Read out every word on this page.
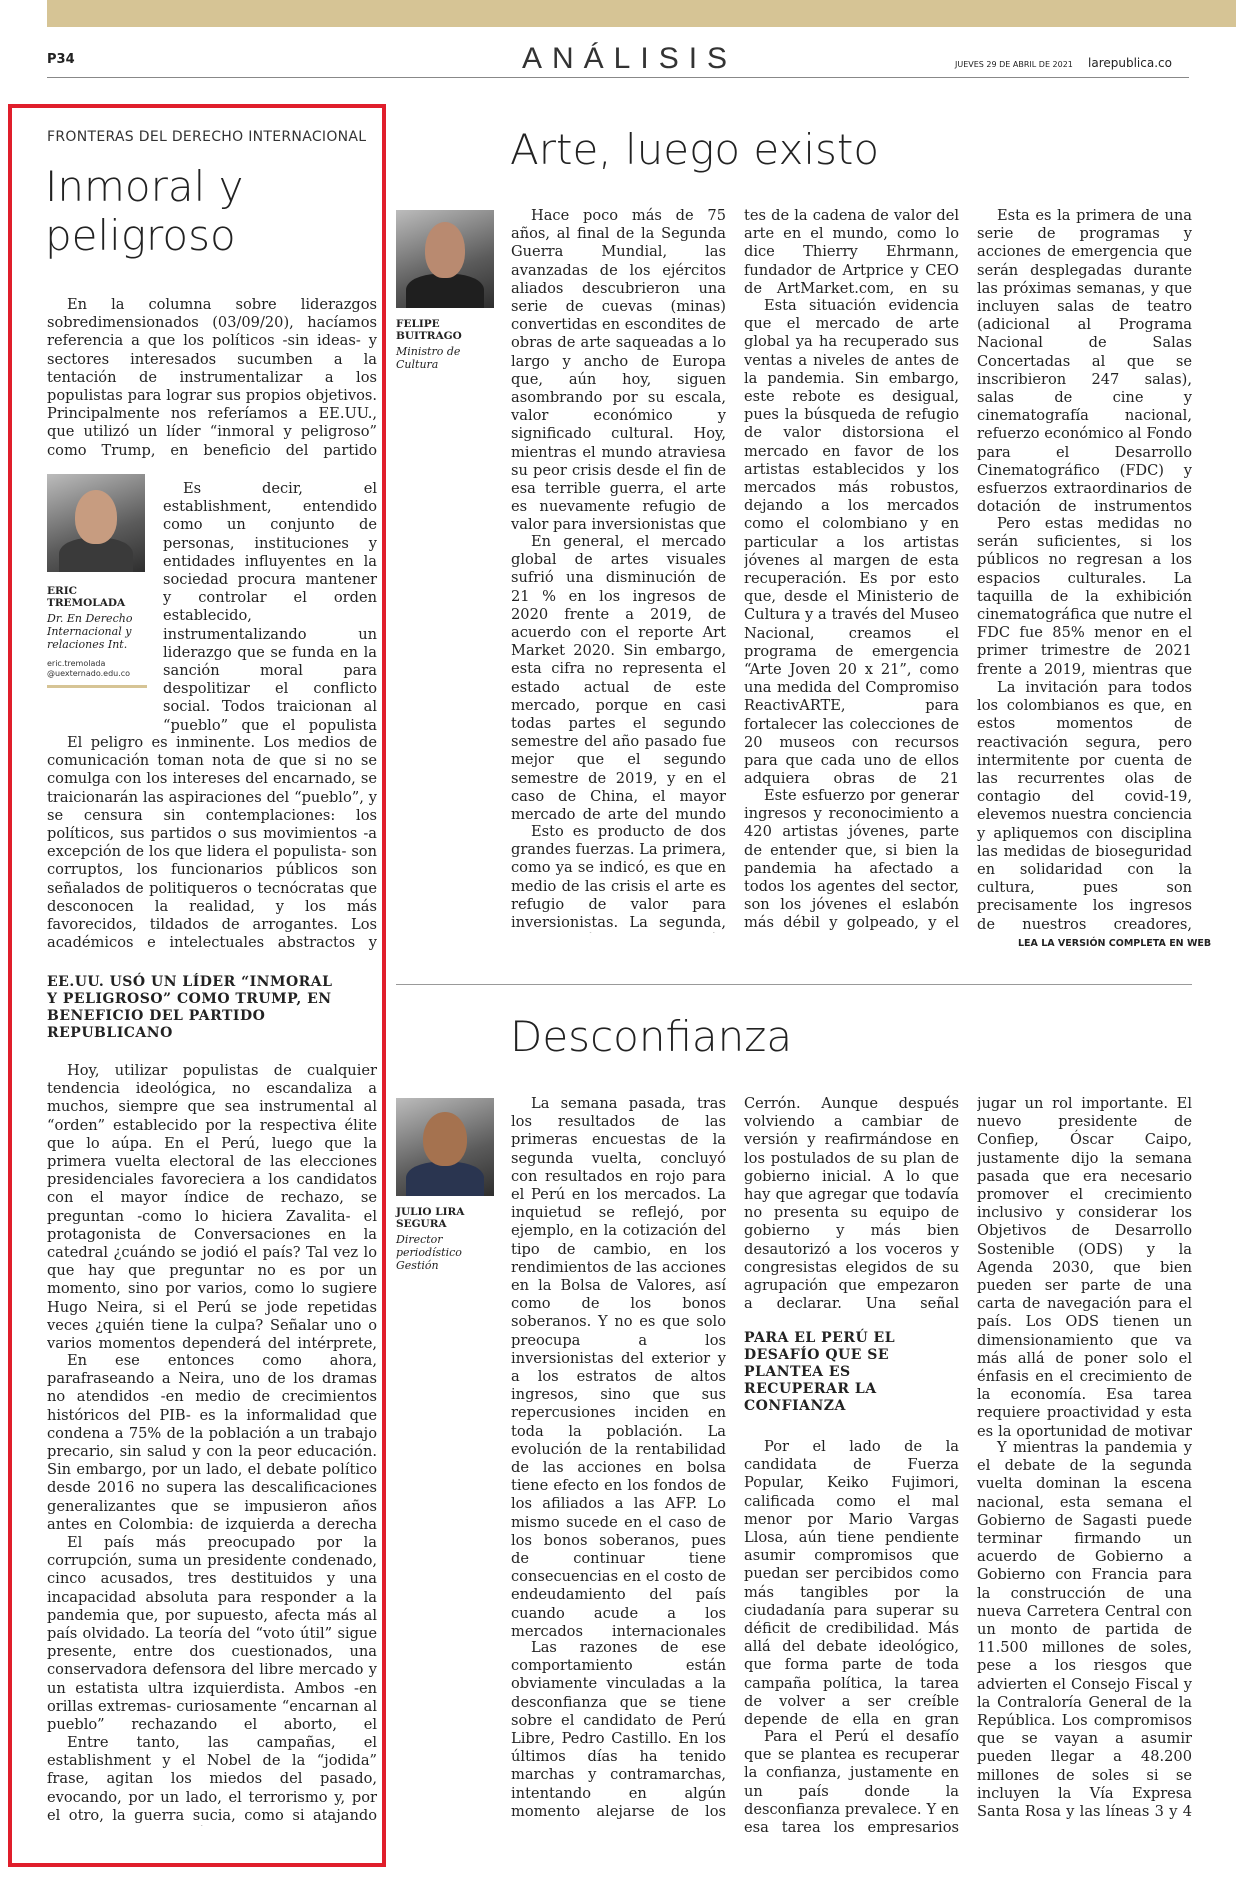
P34	ANÁLISIS	JUEVES 29 DE ABRIL DE 2021 larepublica.co
FRONTERAS DEL DERECHO INTERNACIONAL
Inmoral y peligroso

En la columna sobre liderazgos sobredimensionados (03/09/20), hacíamos referencia a que los políticos -sin ideas- y sectores interesados sucumben a la tentación de instrumentalizar a los populistas para lograr sus propios objetivos. Principalmente nos referíamos a EE.UU., que utilizó un líder “inmoral y peligroso” como Trump, en beneficio del partido

ERIC TREMOLADA
Dr. En Derecho Internacional y relaciones Int.
eric.tremolada @uexternado.edu.co

Es decir, el establishment, entendido como un conjunto de personas, instituciones y entidades influyentes en la sociedad procura mantener y controlar el orden establecido, instrumentalizando un liderazgo que se funda en la sanción moral para despolitizar el conflicto social. Todos traicionan al “pueblo” que el populista

El peligro es inminente. Los medios de comunicación toman nota de que si no se comulga con los intereses del encarnado, se traicionarán las aspiraciones del “pueblo”, y se censura sin contemplaciones: los políticos, sus partidos o sus movimientos -a excepción de los que lidera el populista- son corruptos, los funcionarios públicos son señalados de politiqueros o tecnócratas que desconocen la realidad, y los más favorecidos, tildados de arrogantes. Los académicos e intelectuales abstractos y

EE.UU. USÓ UN LÍDER “INMORAL Y PELIGROSO” COMO TRUMP, EN BENEFICIO DEL PARTIDO REPUBLICANO

Hoy, utilizar populistas de cualquier tendencia ideológica, no escandaliza a muchos, siempre que sea instrumental al “orden” establecido por la respectiva élite que lo aúpa. En el Perú, luego que la primera vuelta electoral de las elecciones presidenciales favoreciera a los candidatos con el mayor índice de rechazo, se preguntan -como lo hiciera Zavalita- el protagonista de Conversaciones en la catedral ¿cuándo se jodió el país? Tal vez lo que hay que preguntar no es por un momento, sino por varios, como lo sugiere Hugo Neira, si el Perú se jode repetidas veces ¿quién tiene la culpa? Señalar uno o varios momentos dependerá del intérprete,

En ese entonces como ahora, parafraseando a Neira, uno de los dramas no atendidos -en medio de crecimientos históricos del PIB- es la informalidad que condena a 75% de la población a un trabajo precario, sin salud y con la peor educación. Sin embargo, por un lado, el debate político desde 2016 no supera las descalificaciones generalizantes que se impusieron años antes en Colombia: de izquierda a derecha

El país más preocupado por la corrupción, suma un presidente condenado, cinco acusados, tres destituidos y una incapacidad absoluta para responder a la pandemia que, por supuesto, afecta más al país olvidado. La teoría del “voto útil” sigue presente, entre dos cuestionados, una conservadora defensora del libre mercado y un estatista ultra izquierdista. Ambos -en orillas extremas- curiosamente “encarnan al pueblo” rechazando el aborto, el

Entre tanto, las campañas, el establishment y el Nobel de la “jodida” frase, agitan los miedos del pasado, evocando, por un lado, el terrorismo y, por el otro, la guerra sucia, como si atajando

Arte, luego existo
FELIPE BUITRAGO
Ministro de Cultura

Hace poco más de 75 años, al final de la Segunda Guerra Mundial, las avanzadas de los ejércitos aliados descubrieron una serie de cuevas (minas) convertidas en escondites de obras de arte saqueadas a lo largo y ancho de Europa que, aún hoy, siguen asombrando por su escala, valor económico y significado cultural. Hoy, mientras el mundo atraviesa su peor crisis desde el fin de esa terrible guerra, el arte es nuevamente refugio de valor para inversionistas que

En general, el mercado global de artes visuales sufrió una disminución de 21 % en los ingresos de 2020 frente a 2019, de acuerdo con el reporte Art Market 2020. Sin embargo, esta cifra no representa el estado actual de este mercado, porque en casi todas partes el segundo semestre del año pasado fue mejor que el segundo semestre de 2019, y en el caso de China, el mayor mercado de arte del mundo

Esto es producto de dos grandes fuerzas. La primera, como ya se indicó, es que en medio de las crisis el arte es refugio de valor para inversionistas. La segunda,

tes de la cadena de valor del arte en el mundo, como lo dice Thierry Ehrmann, fundador de Artprice y CEO de ArtMarket.com, en su

Esta situación evidencia que el mercado de arte global ya ha recuperado sus ventas a niveles de antes de la pandemia. Sin embargo, este rebote es desigual, pues la búsqueda de refugio de valor distorsiona el mercado en favor de los artistas establecidos y los mercados más robustos, dejando a los mercados como el colombiano y en particular a los artistas jóvenes al margen de esta recuperación. Es por esto que, desde el Ministerio de Cultura y a través del Museo Nacional, creamos el programa de emergencia “Arte Joven 20 x 21”, como una medida del Compromiso ReactivARTE, para fortalecer las colecciones de 20 museos con recursos para que cada uno de ellos adquiera obras de 21

Este esfuerzo por generar ingresos y reconocimiento a 420 artistas jóvenes, parte de entender que, si bien la pandemia ha afectado a todos los agentes del sector, son los jóvenes el eslabón más débil y golpeado, y el

Esta es la primera de una serie de programas y acciones de emergencia que serán desplegadas durante las próximas semanas, y que incluyen salas de teatro (adicional al Programa Nacional de Salas Concertadas al que se inscribieron 247 salas), salas de cine y cinematografía nacional, refuerzo económico al Fondo para el Desarrollo Cinematográfico (FDC) y esfuerzos extraordinarios de dotación de instrumentos

Pero estas medidas no serán suficientes, si los públicos no regresan a los espacios culturales. La taquilla de la exhibición cinematográfica que nutre el FDC fue 85% menor en el primer trimestre de 2021 frente a 2019, mientras que

La invitación para todos los colombianos es que, en estos momentos de reactivación segura, pero intermitente por cuenta de las recurrentes olas de contagio del covid-19, elevemos nuestra conciencia y apliquemos con disciplina las medidas de bioseguridad en solidaridad con la cultura, pues son precisamente los ingresos de nuestros creadores,

LEA LA VERSIÓN COMPLETA EN WEB
Desconfianza
JULIO LIRA SEGURA
Director periodístico Gestión

La semana pasada, tras los resultados de las primeras encuestas de la segunda vuelta, concluyó con resultados en rojo para el Perú en los mercados. La inquietud se reflejó, por ejemplo, en la cotización del tipo de cambio, en los rendimientos de las acciones en la Bolsa de Valores, así como de los bonos soberanos. Y no es que solo preocupa a los inversionistas del exterior y a los estratos de altos ingresos, sino que sus repercusiones inciden en toda la población. La evolución de la rentabilidad de las acciones en bolsa tiene efecto en los fondos de los afiliados a las AFP. Lo mismo sucede en el caso de los bonos soberanos, pues de continuar tiene consecuencias en el costo de endeudamiento del país cuando acude a los mercados internacionales

Las razones de ese comportamiento están obviamente vinculadas a la desconfianza que se tiene sobre el candidato de Perú Libre, Pedro Castillo. En los últimos días ha tenido marchas y contramarchas, intentando en algún momento alejarse de los

Cerrón. Aunque después volviendo a cambiar de versión y reafirmándose en los postulados de su plan de gobierno inicial. A lo que hay que agregar que todavía no presenta su equipo de gobierno y más bien desautorizó a los voceros y congresistas elegidos de su agrupación que empezaron a declarar. Una señal

PARA EL PERÚ EL DESAFÍO QUE SE PLANTEA ES RECUPERAR LA CONFIANZA

Por el lado de la candidata de Fuerza Popular, Keiko Fujimori, calificada como el mal menor por Mario Vargas Llosa, aún tiene pendiente asumir compromisos que puedan ser percibidos como más tangibles por la ciudadanía para superar su déficit de credibilidad. Más allá del debate ideológico, que forma parte de toda campaña política, la tarea de volver a ser creíble depende de ella en gran

Para el Perú el desafío que se plantea es recuperar la confianza, justamente en un país donde la desconfianza prevalece. Y en esa tarea los empresarios

jugar un rol importante. El nuevo presidente de Confiep, Óscar Caipo, justamente dijo la semana pasada que era necesario promover el crecimiento inclusivo y considerar los Objetivos de Desarrollo Sostenible (ODS) y la Agenda 2030, que bien pueden ser parte de una carta de navegación para el país. Los ODS tienen un dimensionamiento que va más allá de poner solo el énfasis en el crecimiento de la economía. Esa tarea requiere proactividad y esta es la oportunidad de motivar

Y mientras la pandemia y el debate de la segunda vuelta dominan la escena nacional, esta semana el Gobierno de Sagasti puede terminar firmando un acuerdo de Gobierno a Gobierno con Francia para la construcción de una nueva Carretera Central con un monto de partida de 11.500 millones de soles, pese a los riesgos que advierten el Consejo Fiscal y la Contraloría General de la República. Los compromisos que se vayan a asumir pueden llegar a 48.200 millones de soles si se incluyen la Vía Expresa Santa Rosa y las líneas 3 y 4
